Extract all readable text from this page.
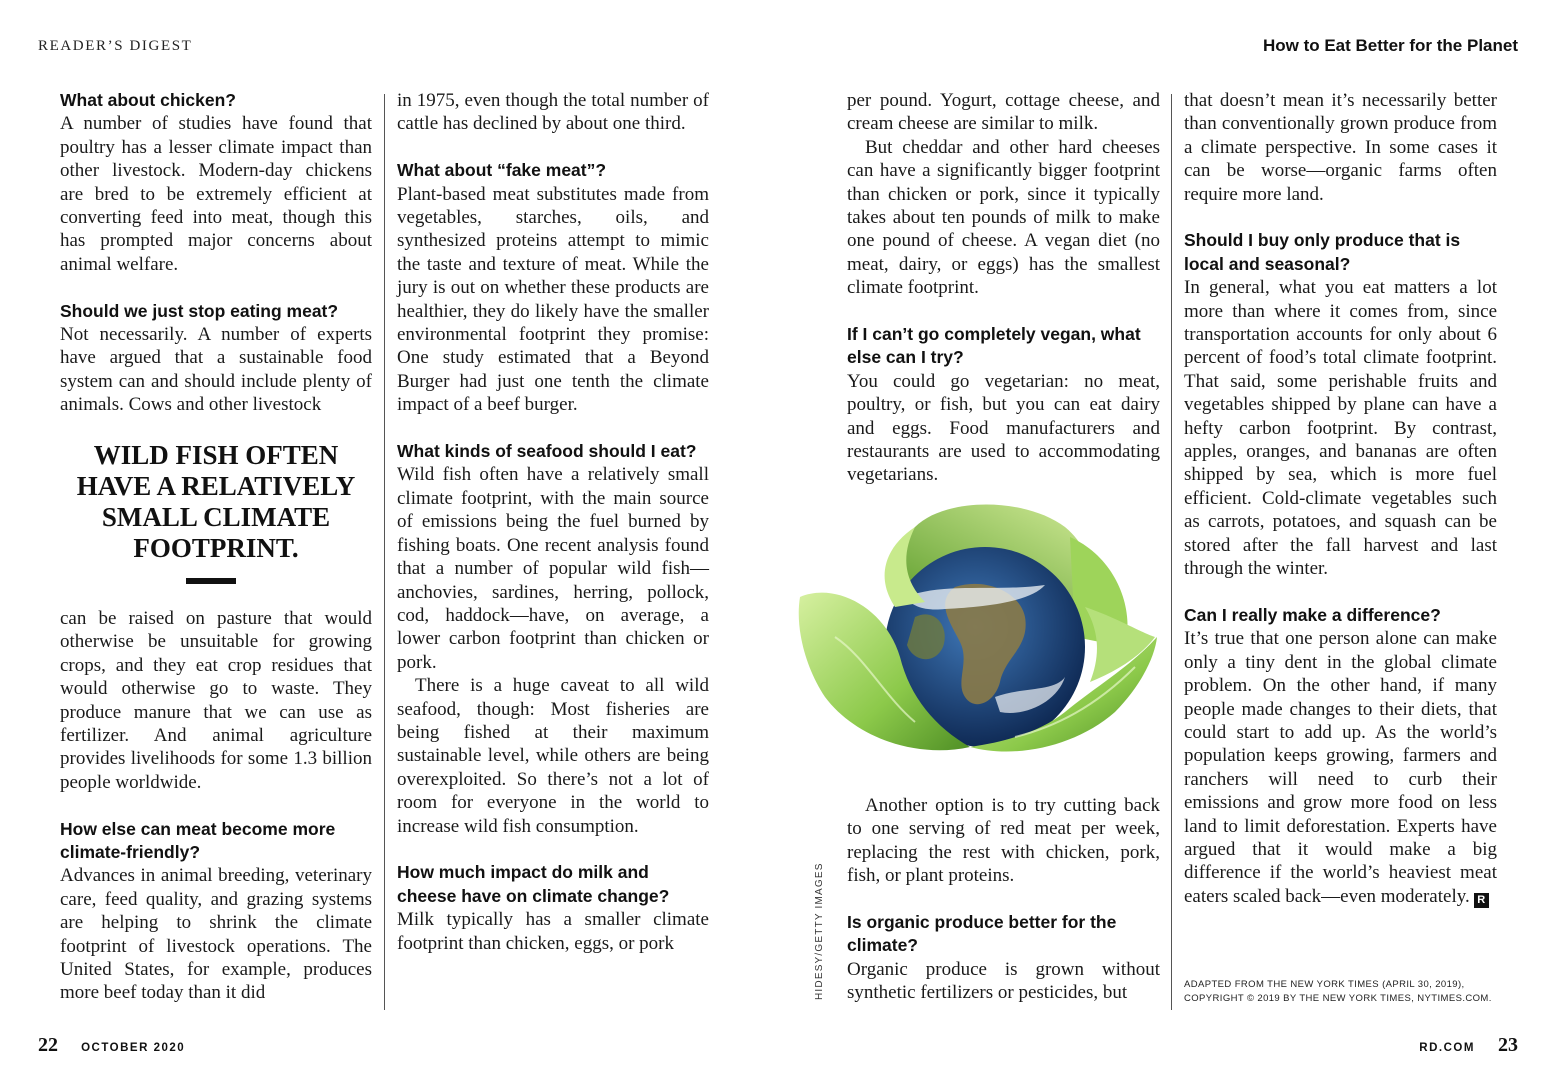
READER’S DIGEST	How to Eat Better for the Planet
What about chicken?

A number of studies have found that poultry has a lesser climate impact than other livestock. Modern-day chickens are bred to be extremely efficient at converting feed into meat, though this has prompted major concerns about animal welfare.

Should we just stop eating meat?

Not necessarily. A number of experts have argued that a sustainable food system can and should include plenty of animals. Cows and other livestock

WILD FISH OFTEN HAVE A RELATIVELY SMALL CLIMATE FOOTPRINT.

can be raised on pasture that would otherwise be unsuitable for growing crops, and they eat crop residues that would otherwise go to waste. They produce manure that we can use as fertilizer. And animal agriculture provides livelihoods for some 1.3 billion people worldwide.

How else can meat become more climate-friendly?

Advances in animal breeding, veterinary care, feed quality, and grazing systems are helping to shrink the climate footprint of livestock operations. The United States, for example, produces more beef today than it did

in 1975, even though the total number of cattle has declined by about one third.

What about “fake meat”?

Plant-based meat substitutes made from vegetables, starches, oils, and synthesized proteins attempt to mimic the taste and texture of meat. While the jury is out on whether these products are healthier, they do likely have the smaller environmental footprint they promise: One study estimated that a Beyond Burger had just one tenth the climate impact of a beef burger.

What kinds of seafood should I eat?

Wild fish often have a relatively small climate footprint, with the main source of emissions being the fuel burned by fishing boats. One recent analysis found that a number of popular wild fish—anchovies, sardines, herring, pollock, cod, haddock—have, on average, a lower carbon footprint than chicken or pork.

There is a huge caveat to all wild seafood, though: Most fisheries are being fished at their maximum sustainable level, while others are being overexploited. So there’s not a lot of room for everyone in the world to increase wild fish consumption.

How much impact do milk and cheese have on climate change?

Milk typically has a smaller climate footprint than chicken, eggs, or pork

per pound. Yogurt, cottage cheese, and cream cheese are similar to milk.

But cheddar and other hard cheeses can have a significantly bigger footprint than chicken or pork, since it typically takes about ten pounds of milk to make one pound of cheese. A vegan diet (no meat, dairy, or eggs) has the smallest climate footprint.

If I can’t go completely vegan, what else can I try?

You could go vegetarian: no meat, poultry, or fish, but you can eat dairy and eggs. Food manufacturers and restaurants are used to accommodating vegetarians.

HIDESY/GETTY IMAGES

Another option is to try cutting back to one serving of red meat per week, replacing the rest with chicken, pork, fish, or plant proteins.

Is organic produce better for the climate?

Organic produce is grown without synthetic fertilizers or pesticides, but

that doesn’t mean it’s necessarily better than conventionally grown produce from a climate perspective. In some cases it can be worse—organic farms often require more land.

Should I buy only produce that is local and seasonal?

In general, what you eat matters a lot more than where it comes from, since transportation accounts for only about 6 percent of food’s total climate footprint. That said, some perishable fruits and vegetables shipped by plane can have a hefty carbon footprint. By contrast, apples, oranges, and bananas are often shipped by sea, which is more fuel efficient. Cold-climate vegetables such as carrots, potatoes, and squash can be stored after the fall harvest and last through the winter.

Can I really make a difference?

It’s true that one person alone can make only a tiny dent in the global climate problem. On the other hand, if many people made changes to their diets, that could start to add up. As the world’s population keeps growing, farmers and ranchers will need to curb their emissions and grow more food on less land to limit deforestation. Experts have argued that it would make a big difference if the world’s heaviest meat eaters scaled back—even moderately. R

ADAPTED FROM THE NEW YORK TIMES (APRIL 30, 2019),
COPYRIGHT © 2019 BY THE NEW YORK TIMES, NYTIMES.COM.
22 OCTOBER 2020	RD.COM 23
